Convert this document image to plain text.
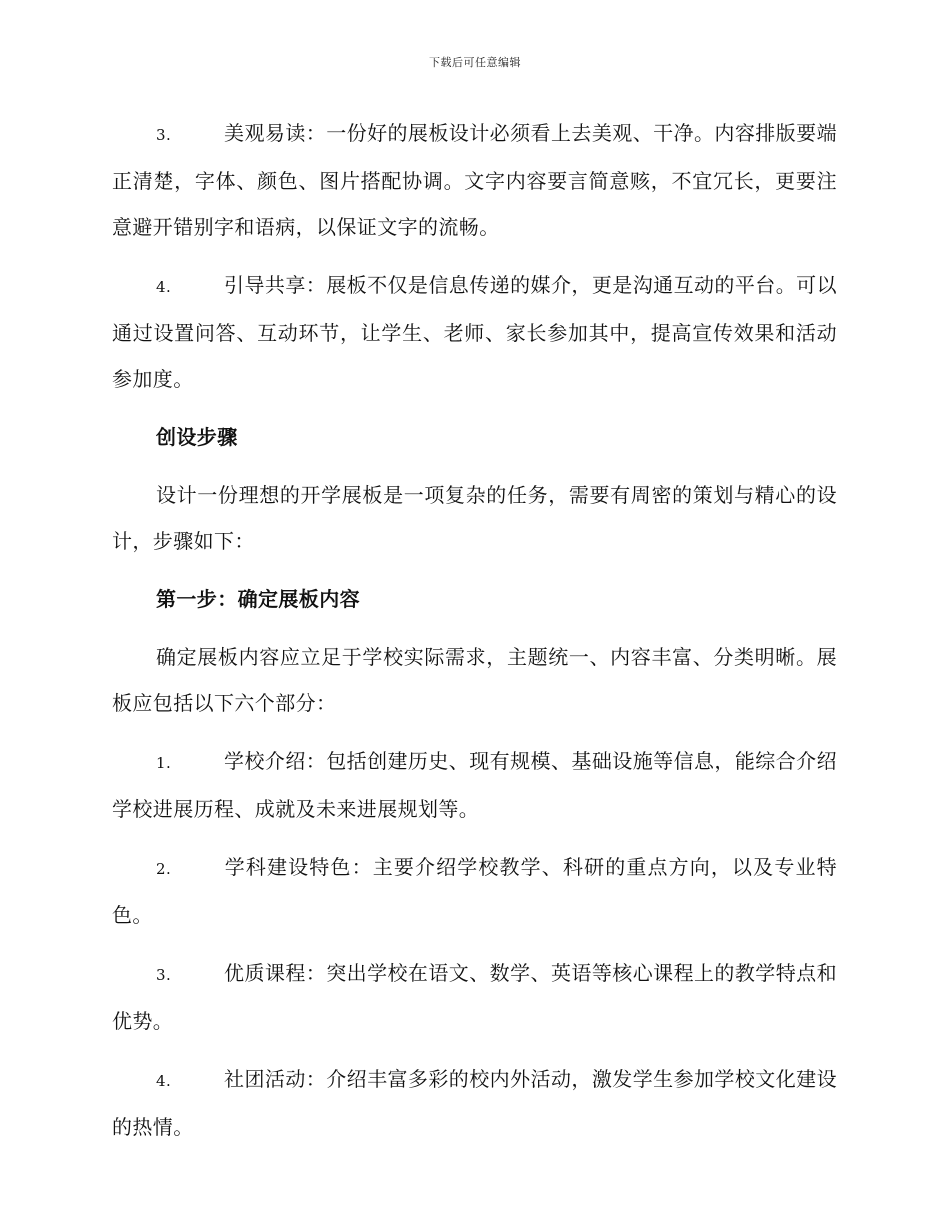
下载后可任意编辑

3.	美观易读：一份好的展板设计必须看上去美观、干净。内容排版要端正清楚，字体、颜色、图片搭配协调。文字内容要言简意赅，不宜冗长，更要注意避开错别字和语病，以保证文字的流畅。

4.	引导共享：展板不仅是信息传递的媒介，更是沟通互动的平台。可以通过设置问答、互动环节，让学生、老师、家长参加其中，提高宣传效果和活动参加度。

创设步骤

设计一份理想的开学展板是一项复杂的任务，需要有周密的策划与精心的设计，步骤如下：

第一步：确定展板内容

确定展板内容应立足于学校实际需求，主题统一、内容丰富、分类明晰。展板应包括以下六个部分：

1.	学校介绍：包括创建历史、现有规模、基础设施等信息，能综合介绍学校进展历程、成就及未来进展规划等。

2.	学科建设特色：主要介绍学校教学、科研的重点方向，以及专业特色。

3.	优质课程：突出学校在语文、数学、英语等核心课程上的教学特点和优势。

4.	社团活动：介绍丰富多彩的校内外活动，激发学生参加学校文化建设的热情。
